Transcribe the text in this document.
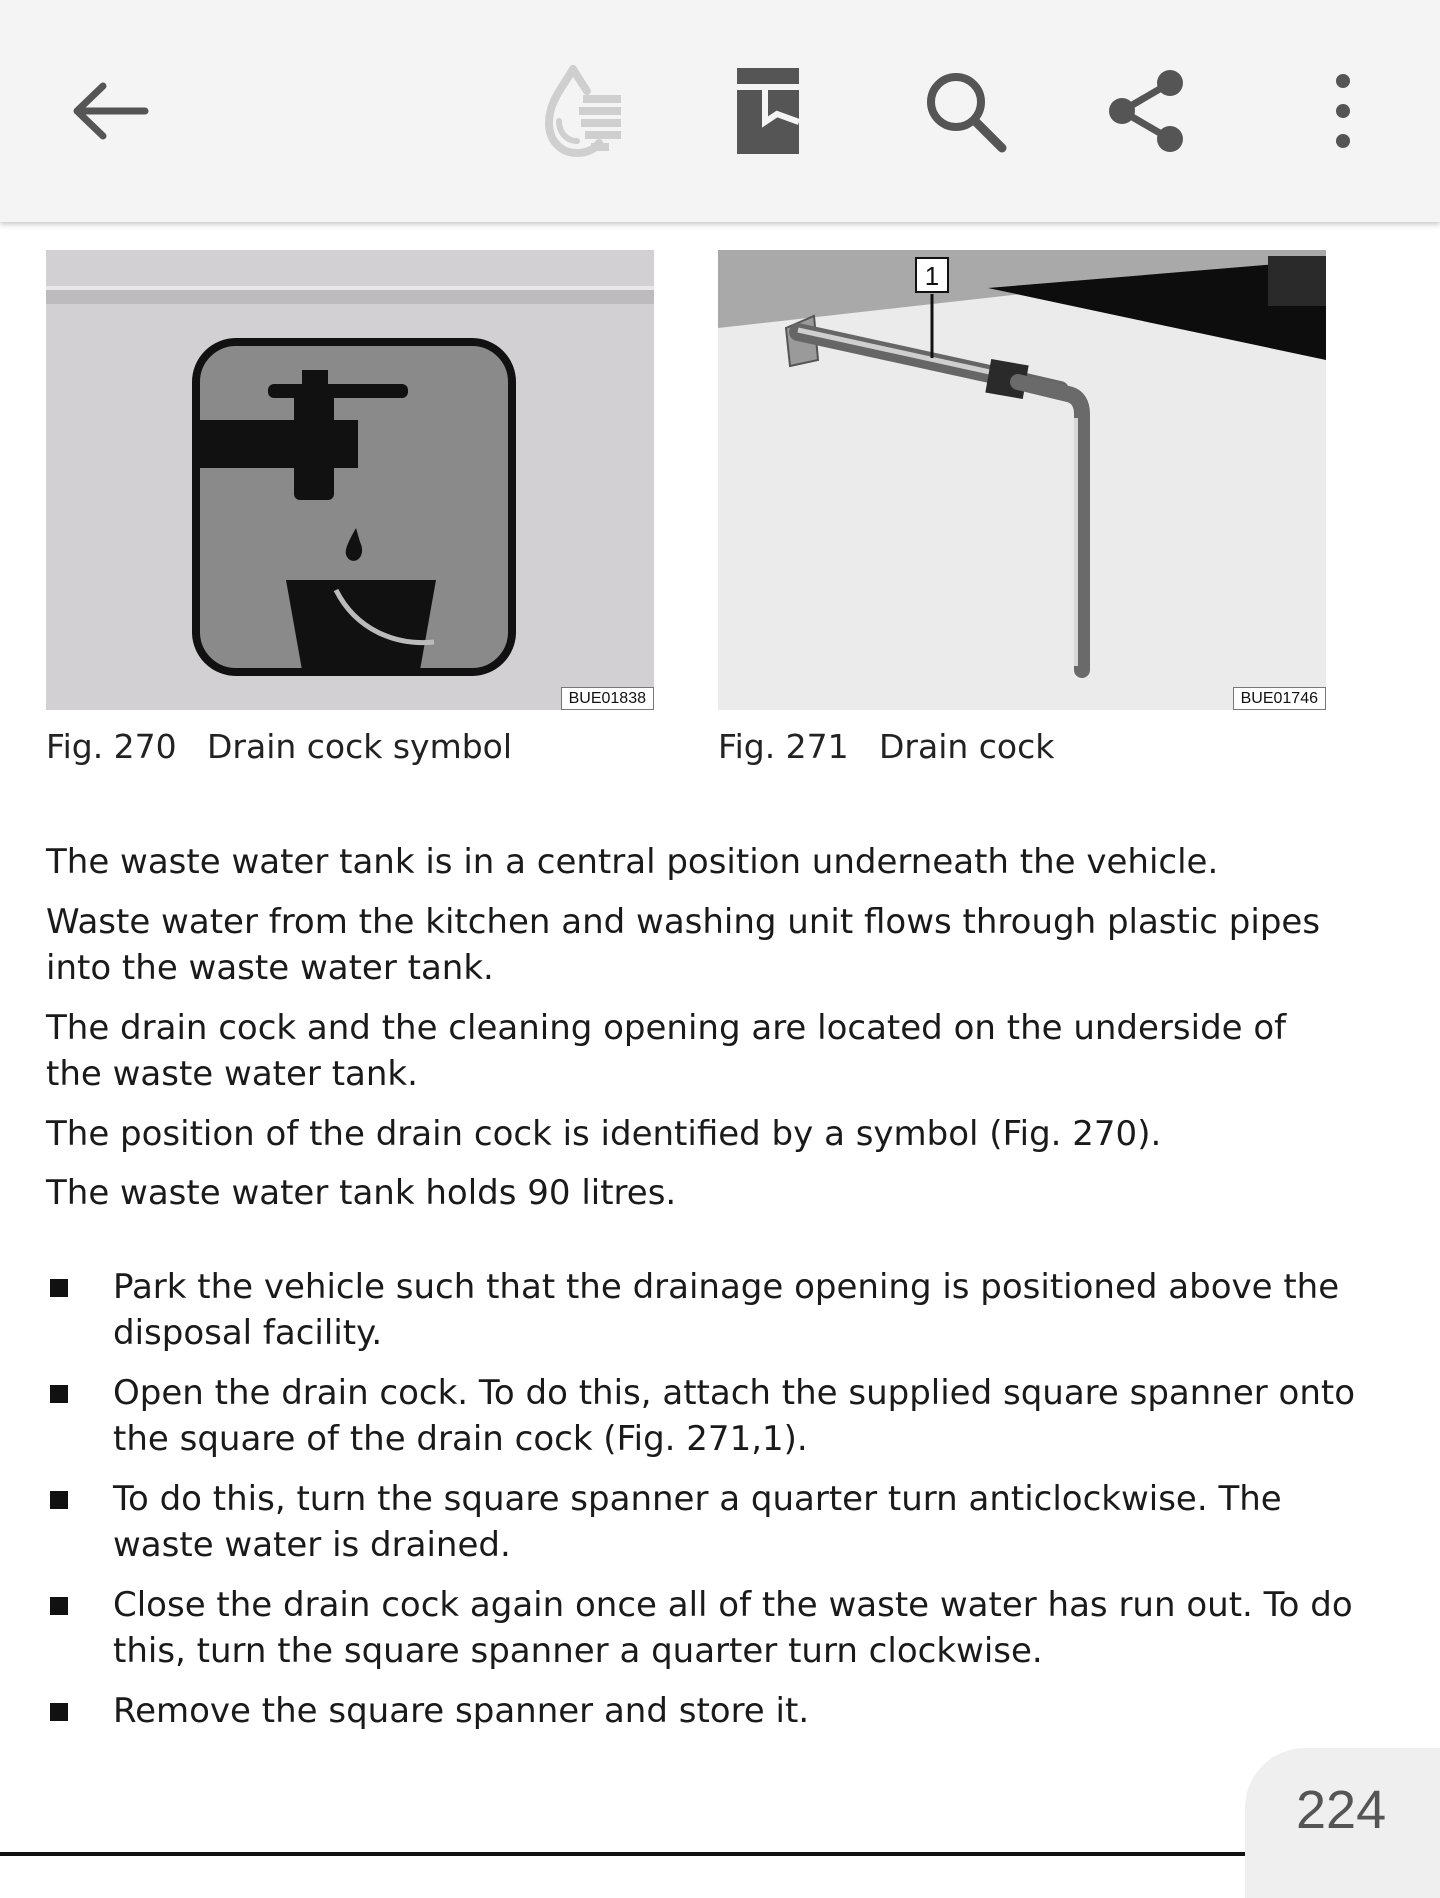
BUE01838
1
BUE01746
Fig. 270 Drain cock symbol	Fig. 271 Drain cock
The waste water tank is in a central position underneath the vehicle.
Waste water from the kitchen and washing unit flows through plastic pipes into the waste water tank.
The drain cock and the cleaning opening are located on the underside of the waste water tank.
The position of the drain cock is identified by a symbol (Fig. 270).
The waste water tank holds 90 litres.
Park the vehicle such that the drainage opening is positioned above the disposal facility.
Open the drain cock. To do this, attach the supplied square spanner onto the square of the drain cock (Fig. 271,1).
To do this, turn the square spanner a quarter turn anticlockwise. The waste water is drained.
Close the drain cock again once all of the waste water has run out. To do this, turn the square spanner a quarter turn clockwise.
Remove the square spanner and store it.
224
